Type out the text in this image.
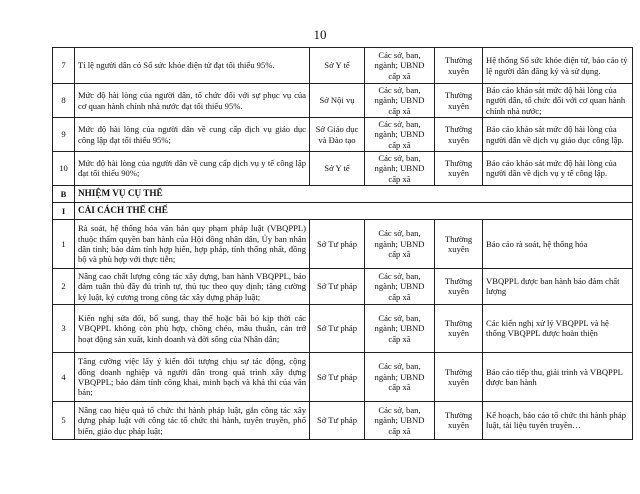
10
7	Tỉ lệ người dân có Sổ sức khỏe điện tử đạt tối thiểu 95%.	Sở Y tế	Các sở, ban, ngành; UBND cấp xã	Thường xuyên	Hệ thống Sổ sức khỏe điện tử, báo cáo tỷ lệ người dân đăng ký và sử dụng.
8	Mức độ hài lòng của người dân, tổ chức đối với sự phục vụ của cơ quan hành chính nhà nước đạt tối thiểu 95%.	Sở Nội vụ	Các sở, ban, ngành; UBND cấp xã	Thường xuyên	Báo cáo khảo sát mức độ hài lòng của người dân, tổ chức đối với cơ quan hành chính nhà nước;
9	Mức độ hài lòng của người dân về cung cấp dịch vụ giáo dục công lập đạt tối thiểu 95%;	Sở Giáo dục và Đào tạo	Các sở, ban, ngành; UBND cấp xã	Thường xuyên	Báo cáo khảo sát mức độ hài lòng của người dân về dịch vụ giáo dục công lập.
10	Mức độ hài lòng của người dân về cung cấp dịch vụ y tế công lập đạt tối thiểu 90%;	Sở Y tế	Các sở, ban, ngành; UBND cấp xã	Thường xuyên	Báo cáo khảo sát mức độ hài lòng của người dân về dịch vụ y tế công lập.
B	NHIỆM VỤ CỤ THỂ				
I	CẢI CÁCH THỂ CHẾ				
1	Rà soát, hệ thống hóa văn bản quy phạm pháp luật (VBQPPL) thuộc thẩm quyền ban hành của Hội đồng nhân dân, Ủy ban nhân dân tỉnh; bảo đảm tính hợp hiến, hợp pháp, tính thống nhất, đồng bộ và phù hợp với thực tiễn;	Sở Tư pháp	Các sở, ban, ngành; UBND cấp xã	Thường xuyên	Báo cáo rà soát, hệ thống hóa
2	Nâng cao chất lượng công tác xây dựng, ban hành VBQPPL, bảo đảm tuân thủ đầy đủ trình tự, thủ tục theo quy định; tăng cường kỷ luật, kỷ cương trong công tác xây dựng pháp luật;	Sở Tư pháp	Các sở, ban, ngành; UBND cấp xã	Thường xuyên	VBQPPL được ban hành bảo đảm chất lượng
3	Kiến nghị sửa đổi, bổ sung, thay thế hoặc bãi bỏ kịp thời các VBQPPL không còn phù hợp, chồng chéo, mâu thuẫn, cản trở hoạt động sản xuất, kinh doanh và đời sống của Nhân dân;	Sở Tư pháp	Các sở, ban, ngành; UBND cấp xã	Thường xuyên	Các kiến nghị xử lý VBQPPL và hệ thống VBQPPL được hoàn thiện
4	Tăng cường việc lấy ý kiến đối tượng chịu sự tác động, cộng đồng doanh nghiệp và người dân trong quá trình xây dựng VBQPPL; bảo đảm tính công khai, minh bạch và khả thi của văn bản;	Sở Tư pháp	Các sở, ban, ngành; UBND cấp xã	Thường xuyên	Báo cáo tiếp thu, giải trình và VBQPPL được ban hành
5	Nâng cao hiệu quả tổ chức thi hành pháp luật, gắn công tác xây dựng pháp luật với công tác tổ chức thi hành, tuyên truyền, phổ biến, giáo dục pháp luật;	Sở Tư pháp	Các sở, ban, ngành; UBND cấp xã	Thường xuyên	Kế hoạch, báo cáo tổ chức thi hành pháp luật, tài liệu tuyên truyền…
